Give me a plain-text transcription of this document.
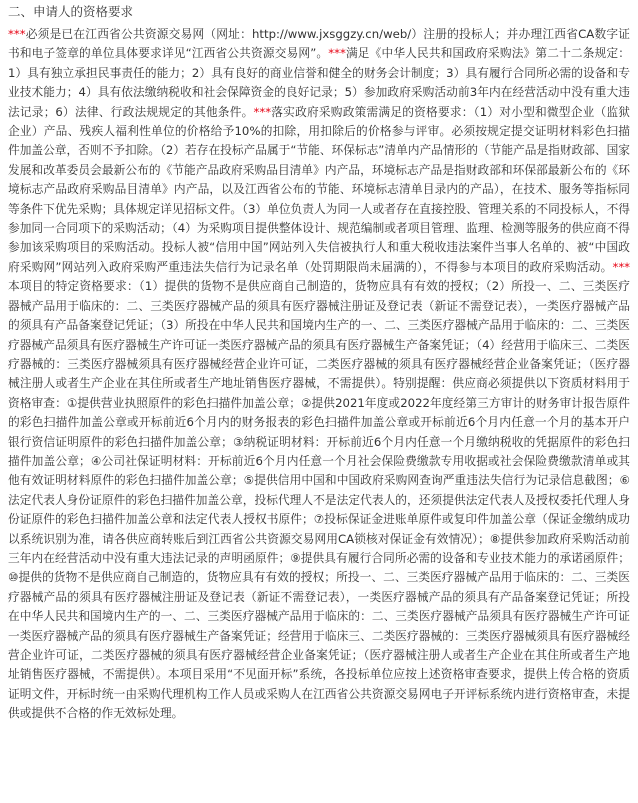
二、申请人的资格要求

***必须是已在江西省公共资源交易网（网址：http://www.jxsggzy.cn/web/）注册的投标人；并办理江西省CA数字证书和电子签章的单位具体要求详见“江西省公共资源交易网”。***满足《中华人民共和国政府采购法》第二十二条规定：1）具有独立承担民事责任的能力；2）具有良好的商业信誉和健全的财务会计制度；3）具有履行合同所必需的设备和专业技术能力；4）具有依法缴纳税收和社会保障资金的良好记录；5）参加政府采购活动前3年内在经营活动中没有重大违法记录；6）法律、行政法规规定的其他条件。***落实政府采购政策需满足的资格要求：（1）对小型和微型企业（监狱企业）产品、残疾人福利性单位的价格给予10%的扣除，用扣除后的价格参与评审。必须按规定提交证明材料彩色扫描件加盖公章，否则不予扣除。（2）若存在投标产品属于“节能、环保标志”清单内产品情形的（节能产品是指财政部、国家发展和改革委员会最新公布的《节能产品政府采购品目清单》内产品，环境标志产品是指财政部和环保部最新公布的《环境标志产品政府采购品目清单》内产品，以及江西省公布的节能、环境标志清单目录内的产品），在技术、服务等指标同等条件下优先采购；具体规定详见招标文件。（3）单位负责人为同一人或者存在直接控股、管理关系的不同投标人，不得参加同一合同项下的采购活动；（4）为采购项目提供整体设计、规范编制或者项目管理、监理、检测等服务的供应商不得参加该采购项目的采购活动。投标人被“信用中国”网站列入失信被执行人和重大税收违法案件当事人名单的、被“中国政府采购网”网站列入政府采购严重违法失信行为记录名单（处罚期限尚未届满的），不得参与本项目的政府采购活动。***本项目的特定资格要求：（1）提供的货物不是供应商自己制造的，货物应具有有效的授权；（2）所投一、二、三类医疗器械产品用于临床的：二、三类医疗器械产品的须具有医疗器械注册证及登记表（新证不需登记表），一类医疗器械产品的须具有产品备案登记凭证；（3）所投在中华人民共和国境内生产的一、二、三类医疗器械产品用于临床的：二、三类医疗器械产品须具有医疗器械生产许可证一类医疗器械产品的须具有医疗器械生产备案凭证；（4）经营用于临床三、二类医疗器械的：三类医疗器械须具有医疗器械经营企业许可证，二类医疗器械的须具有医疗器械经营企业备案凭证；（医疗器械注册人或者生产企业在其住所或者生产地址销售医疗器械，不需提供）。特别提醒：供应商必须提供以下资质材料用于资格审查：①提供营业执照原件的彩色扫描件加盖公章；②提供2021年度或2022年度经第三方审计的财务审计报告原件的彩色扫描件加盖公章或开标前近6个月内的财务报表的彩色扫描件加盖公章或开标前近6个月内任意一个月的基本开户银行资信证明原件的彩色扫描件加盖公章；③纳税证明材料：开标前近6个月内任意一个月缴纳税收的凭据原件的彩色扫描件加盖公章；④公司社保证明材料：开标前近6个月内任意一个月社会保险费缴款专用收据或社会保险费缴款清单或其他有效证明材料原件的彩色扫描件加盖公章；⑤提供信用中国和中国政府采购网查询严重违法失信行为记录信息截图；⑥法定代表人身份证原件的彩色扫描件加盖公章，投标代理人不是法定代表人的，还须提供法定代表人及授权委托代理人身份证原件的彩色扫描件加盖公章和法定代表人授权书原件；⑦投标保证金进账单原件或复印件加盖公章（保证金缴纳成功以系统识别为准，请各供应商转账后到江西省公共资源交易网用CA锁核对保证金有效情况）；⑧提供参加政府采购活动前三年内在经营活动中没有重大违法记录的声明函原件；⑨提供具有履行合同所必需的设备和专业技术能力的承诺函原件；⑩提供的货物不是供应商自己制造的，货物应具有有效的授权；所投一、二、三类医疗器械产品用于临床的：二、三类医疗器械产品的须具有医疗器械注册证及登记表（新证不需登记表），一类医疗器械产品的须具有产品备案登记凭证；所投在中华人民共和国境内生产的一、二、三类医疗器械产品用于临床的：二、三类医疗器械产品须具有医疗器械生产许可证一类医疗器械产品的须具有医疗器械生产备案凭证；经营用于临床三、二类医疗器械的：三类医疗器械须具有医疗器械经营企业许可证，二类医疗器械的须具有医疗器械经营企业备案凭证；（医疗器械注册人或者生产企业在其住所或者生产地址销售医疗器械，不需提供）。本项目采用“不见面开标”系统，各投标单位应按上述资格审查要求，提供上传合格的资质证明文件，开标时统一由采购代理机构工作人员或采购人在江西省公共资源交易网电子开评标系统内进行资格审查，未提供或提供不合格的作无效标处理。
